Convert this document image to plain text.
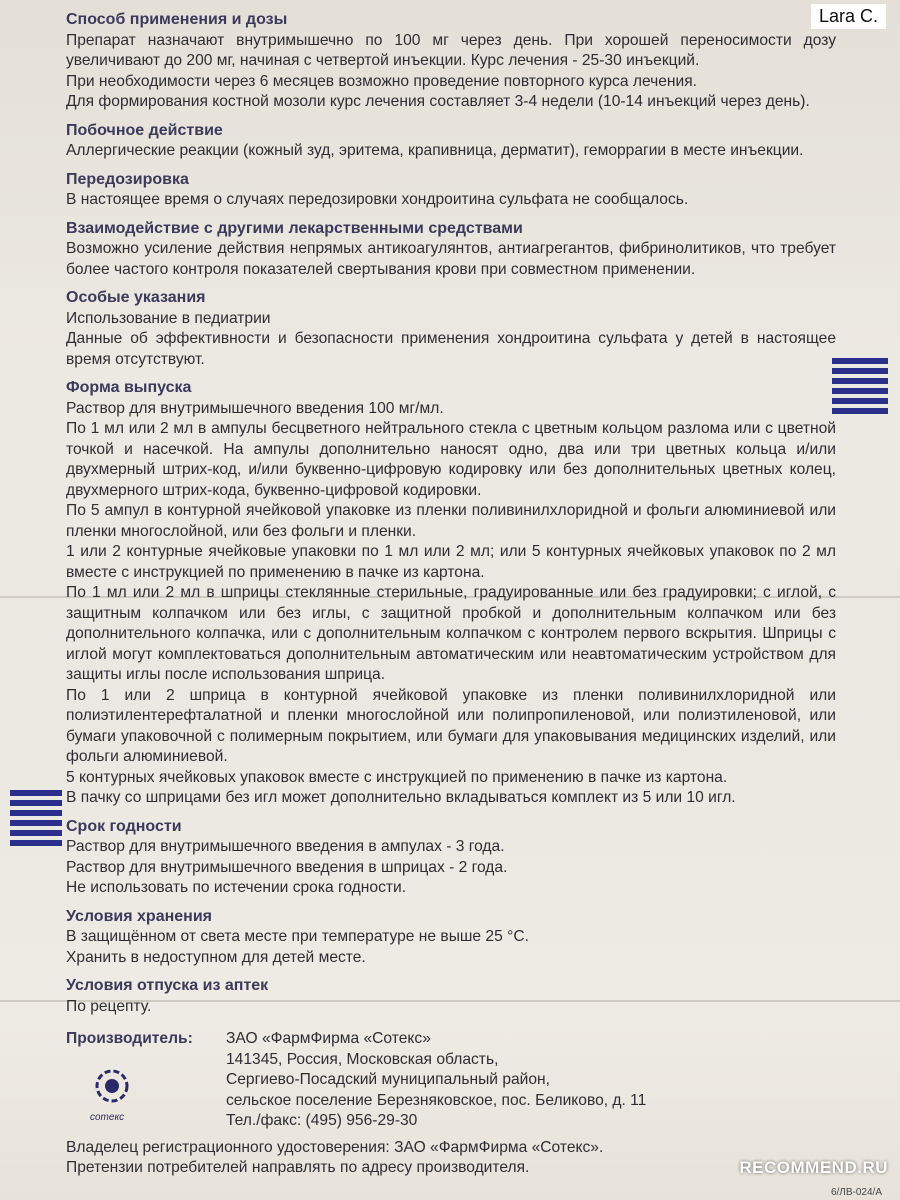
Способ применения и дозы
Препарат назначают внутримышечно по 100 мг через день. При хорошей переносимости дозу увеличивают до 200 мг, начиная с четвертой инъекции. Курс лечения - 25-30 инъекций.
При необходимости через 6 месяцев возможно проведение повторного курса лечения.
Для формирования костной мозоли курс лечения составляет 3-4 недели (10-14 инъекций через день).
Побочное действие
Аллергические реакции (кожный зуд, эритема, крапивница, дерматит), геморрагии в месте инъекции.
Передозировка
В настоящее время о случаях передозировки хондроитина сульфата не сообщалось.
Взаимодействие с другими лекарственными средствами
Возможно усиление действия непрямых антикоагулянтов, антиагрегантов, фибринолитиков, что требует более частого контроля показателей свертывания крови при совместном применении.
Особые указания
Использование в педиатрии
Данные об эффективности и безопасности применения хондроитина сульфата у детей в настоящее время отсутствуют.
Форма выпуска
Раствор для внутримышечного введения 100 мг/мл.
По 1 мл или 2 мл в ампулы бесцветного нейтрального стекла с цветным кольцом разлома или с цветной точкой и насечкой. На ампулы дополнительно наносят одно, два или три цветных кольца и/или двухмерный штрих-код, и/или буквенно-цифровую кодировку или без дополнительных цветных колец, двухмерного штрих-кода, буквенно-цифровой кодировки.
По 5 ампул в контурной ячейковой упаковке из пленки поливинилхлоридной и фольги алюминиевой или пленки многослойной, или без фольги и пленки.
1 или 2 контурные ячейковые упаковки по 1 мл или 2 мл; или 5 контурных ячейковых упаковок по 2 мл вместе с инструкцией по применению в пачке из картона.
По 1 мл или 2 мл в шприцы стеклянные стерильные, градуированные или без градуировки; с иглой, с защитным колпачком или без иглы, с защитной пробкой и дополнительным колпачком или без дополнительного колпачка, или с дополнительным колпачком с контролем первого вскрытия. Шприцы с иглой могут комплектоваться дополнительным автоматическим или неавтоматическим устройством для защиты иглы после использования шприца.
По 1 или 2 шприца в контурной ячейковой упаковке из пленки поливинилхлоридной или полиэтилентерефталатной и пленки многослойной или полипропиленовой, или полиэтиленовой, или бумаги упаковочной с полимерным покрытием, или бумаги для упаковывания медицинских изделий, или фольги алюминиевой.
5 контурных ячейковых упаковок вместе с инструкцией по применению в пачке из картона.
В пачку со шприцами без игл может дополнительно вкладываться комплект из 5 или 10 игл.
Срок годности
Раствор для внутримышечного введения в ампулах - 3 года.
Раствор для внутримышечного введения в шприцах - 2 года.
Не использовать по истечении срока годности.
Условия хранения
В защищённом от света месте при температуре не выше 25 °С.
Хранить в недоступном для детей месте.
Условия отпуска из аптек
По рецепту.
Производитель:	ЗАО «ФармФирма «Сотекс»
141345, Россия, Московская область,
Сергиево-Посадский муниципальный район,
сельское поселение Березняковское, пос. Беликово, д. 11
Тел./факс: (495) 956-29-30
Владелец регистрационного удостоверения: ЗАО «ФармФирма «Сотекс».
Претензии потребителей направлять по адресу производителя.
сотекс
Lara C.
RECOMMEND.RU
6/ЛВ-024/А
